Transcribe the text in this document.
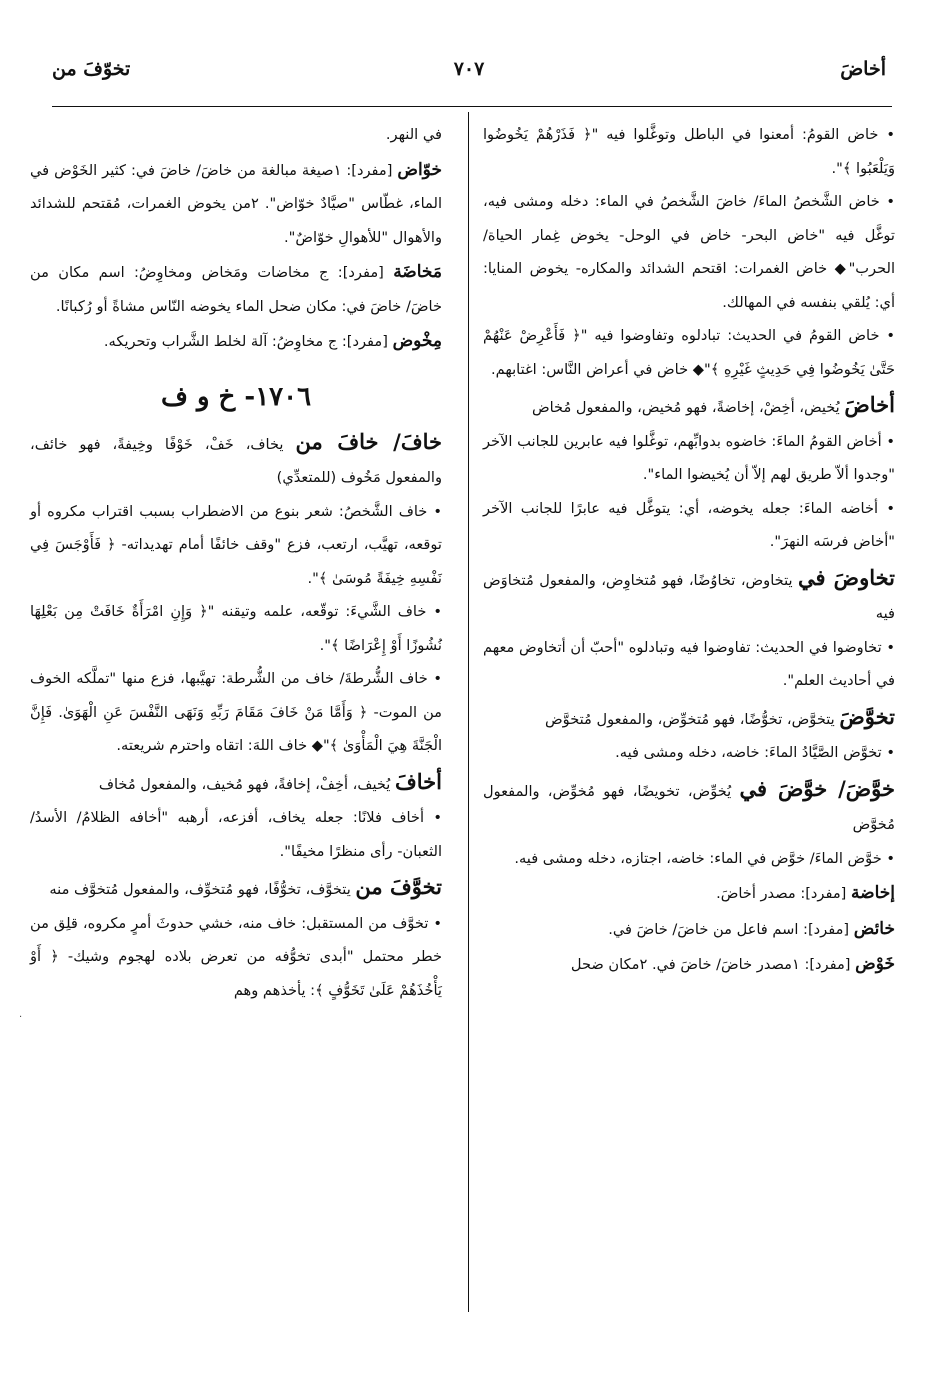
تخوّفَ من	٧٠٧	أخاضَ

• خاض القومُ: أمعنوا في الباطل وتوغَّلوا فيه "﴿ فَذَرْهُمْ يَخُوضُوا وَيَلْعَبُوا ﴾".

• خاض الشَّخصُ الماءَ/ خاضَ الشَّخصُ في الماء: دخله ومشى فيه، توغَّل فيه "خاض البحر- خاض في الوحل- يخوض غِمار الحياة/ الحرب"◆ خاض الغمرات: اقتحم الشدائد والمكاره- يخوض المنايا: أي: يُلقي بنفسه في المهالك.

• خاض القومُ في الحديث: تبادلوه وتفاوضوا فيه "﴿ فَأَعْرِضْ عَنْهُمْ حَتَّىٰ يَخُوضُوا فِي حَدِيثٍ غَيْرِهِ ﴾"◆ خاض في أعراض النَّاس: اغتابهم.

أخاضَ يُخيض، أخِضْ، إخاضةً، فهو مُخيض، والمفعول مُخاض

• أخاض القومُ الماءَ: خاضوه بدوابِّهم، توغَّلوا فيه عابرين للجانب الآخر "وجدوا ألاّ طريق لهم إلاّ أن يُخيضوا الماء".

• أخاضه الماءَ: جعله يخوضه، أي: يتوغَّل فيه عابرًا للجانب الآخر "أخاض فرسَه النهرَ".

تخاوضَ في يتخاوض، تخاوُضًا، فهو مُتخاوِض، والمفعول مُتخاوَض فيه

• تخاوضوا في الحديث: تفاوضوا فيه وتبادلوه "أحبّ أن أتخاوض معهم في أحاديث العلم".

تخوَّضَ يتخوَّض، تخوُّضًا، فهو مُتخوِّض، والمفعول مُتخوَّض

• تخوَّض الصَّيَّادُ الماءَ: خاضه، دخله ومشى فيه.

خوَّضَ/ خوَّضَ في يُخوِّض، تخويضًا، فهو مُخوِّض، والمفعول مُخوَّض

• خوَّض الماءَ/ خوَّض في الماء: خاضه، اجتازه، دخله ومشى فيه.

إخاضة [مفرد]: مصدر أخاضَ.

خائض [مفرد]: اسم فاعل من خاضَ/ خاضَ في.

خَوْض [مفرد]: ١مصدر خاضَ/ خاضَ في. ٢مكان ضحل

في النهر.

خوّاض [مفرد]: ١صيغة مبالغة من خاضَ/ خاضَ في: كثير الخَوْض في الماء، غطّاس "صيَّادٌ خوّاض". ٢من يخوض الغمرات، مُقتحم للشدائد والأهوال "للأهوالِ خوّاضٌ".

مَخاضَة [مفرد]: ج مخاضات ومَخاض ومخاوِضُ: اسم مكان من خاضَ/ خاضَ في: مكان ضحل الماء يخوضه النّاس مشاةً أو رُكبانًا.

مِخْوض [مفرد]: ج مخاوِضُ: آلة لخلط الشَّراب وتحريكه.

١٧٠٦- خ و ف

خافَ/ خافَ من يخاف، خَفْ، خَوْفًا وخِيفةً، فهو خائف، والمفعول مَخُوف (للمتعدِّي)

• خاف الشَّخصُ: شعر بنوع من الاضطراب بسبب اقتراب مكروه أو توقعه، تهيَّب، ارتعب، فزع "وقف خائفًا أمام تهديداته- ﴿ فَأَوْجَسَ فِي نَفْسِهِ خِيفَةً مُوسَىٰ ﴾".

• خاف الشَّيءَ: توقّعه، علمه وتيقنه "﴿ وَإِنِ امْرَأَةٌ خَافَتْ مِن بَعْلِهَا نُشُوزًا أَوْ إِعْرَاضًا ﴾".

• خاف الشُّرطةَ/ خاف من الشُّرطة: تهيَّبها، فزع منها "تملَّكه الخوف من الموت- ﴿ وَأَمَّا مَنْ خَافَ مَقَامَ رَبِّهِ وَنَهَى النَّفْسَ عَنِ الْهَوَىٰ. فَإِنَّ الْجَنَّةَ هِيَ الْمَأْوَىٰ ﴾"◆ خاف اللهَ: اتقاه واحترم شريعته.

أخافَ يُخيف، أخِفْ، إخافةً، فهو مُخيف، والمفعول مُخاف

• أخاف فلانًا: جعله يخاف، أفزعه، أرهبه "أخافه الظلامُ/ الأسدُ/ الثعبان- رأى منظرًا مخيفًا".

تخوَّفَ من يتخوَّف، تخوُّفًا، فهو مُتخوِّف، والمفعول مُتخوَّف منه

• تخوَّف من المستقبل: خاف منه، خشي حدوثَ أمرٍ مكروه، قلِق من خطر محتمل "أبدى تخوُّفه من تعرض بلاده لهجوم وشيك- ﴿ أَوْ يَأْخُذَهُمْ عَلَىٰ تَخَوُّفٍ ﴾: يأخذهم وهم

·
